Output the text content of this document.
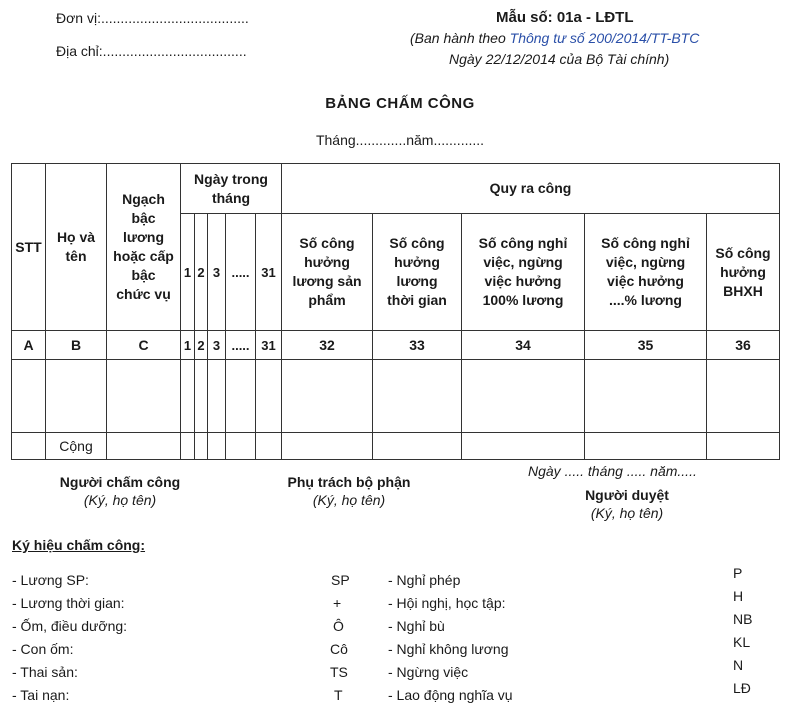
Đơn vị:......................................
Địa chỉ:.....................................
Mẫu số: 01a - LĐTL
(Ban hành theo Thông tư số 200/2014/TT-BTC
Ngày 22/12/2014 của Bộ Tài chính)
BẢNG CHẤM CÔNG
Tháng.............năm.............
STT	Họ và tên	Ngạch bậc lương hoặc cấp bậc chức vụ	Ngày trong tháng					Quy ra công				
			1	2	3	.....	31	Số công hưởng lương sản phẩm	Số công hưởng lương thời gian	Số công nghỉ việc, ngừng việc hưởng 100% lương	Số công nghỉ việc, ngừng việc hưởng ....% lương	Số công hưởng BHXH
A	B	C	1	2	3	.....	31	32	33	34	35	36

	Cộng											
Ngày ..... tháng ..... năm.....
Người chấm công
(Ký, họ tên)
Phụ trách bộ phận
(Ký, họ tên)	Người duyệt
(Ký, họ tên)
Ký hiệu chấm công:
- Lương SP:	SP	- Nghỉ phép	P
- Lương thời gian:	+	- Hội nghị, học tập:	H
- Ốm, điều dưỡng:	Ô	- Nghỉ bù	NB
- Con ốm:	Cô	- Nghỉ không lương	KL
- Thai sản:	TS	- Ngừng việc	N
- Tai nạn:	T	- Lao động nghĩa vụ	LĐ
